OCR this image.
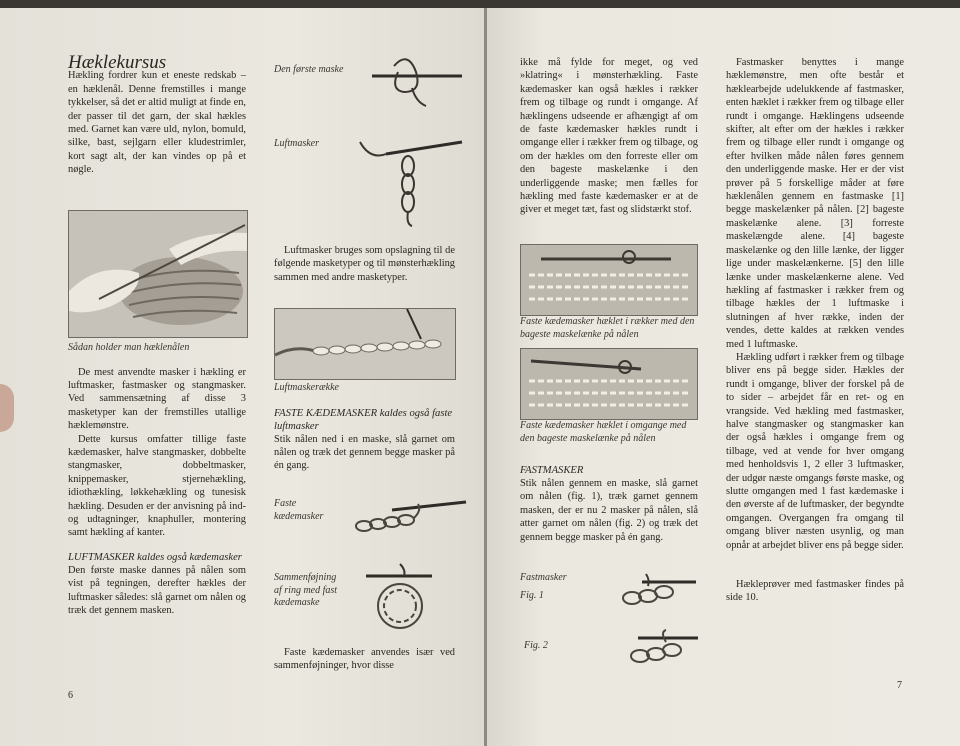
Hæklekursus

Hækling fordrer kun et eneste redskab – en hæklenål. Denne fremstilles i mange tykkelser, så det er altid muligt at finde en, der passer til det garn, der skal hækles med. Garnet kan være uld, nylon, bomuld, silke, bast, sejlgarn eller kludestrimler, kort sagt alt, der kan vindes op på et nøgle.

Sådan holder man hæklenålen

De mest anvendte masker i hækling er luftmasker, fastmasker og stangmasker. Ved sammensætning af disse 3 masketyper kan der fremstilles utallige hæklemønstre.

Dette kursus omfatter tillige faste kædemasker, halve stangmasker, dobbelte stangmasker, dobbeltmasker, knippemasker, stjernehækling, idiothækling, løkkehækling og tunesisk hækling. Desuden er der anvisning på ind- og udtagninger, knaphuller, montering samt hækling af kanter.

LUFTMASKER kaldes også kædemasker

Den første maske dannes på nålen som vist på tegningen, derefter hækles der luftmasker således: slå garnet om nålen og træk det gennem masken.

6
Den første maske
Luftmasker

Luftmasker bruges som opslagning til de følgende masketyper og til mønsterhækling sammen med andre masketyper.

Luftmaskerække

FASTE KÆDEMASKER kaldes også faste luftmasker

Stik nålen ned i en maske, slå garnet om nålen og træk det gennem begge masker på én gang.

Faste kædemasker
Sammenføjning af ring med fast kædemaske

Faste kædemasker anvendes især ved sammenføjninger, hvor disse

ikke må fylde for meget, og ved »klatring« i mønsterhækling. Faste kædemasker kan også hækles i rækker frem og tilbage og rundt i omgange. Af hæklingens udseende er afhængigt af om de faste kædemasker hækles rundt i omgange eller i rækker frem og tilbage, og om der hækles om den forreste eller om den bageste maskelænke i den underliggende maske; men fælles for hækling med faste kædemasker er at de giver et meget tæt, fast og slidstærkt stof.

Faste kædemasker hæklet i rækker med den bageste maskelænke på nålen
Faste kædemasker hæklet i omgange med den bageste maskelænke på nålen

FASTMASKER

Stik nålen gennem en maske, slå garnet om nålen (fig. 1), træk garnet gennem masken, der er nu 2 masker på nålen, slå atter garnet om nålen (fig. 2) og træk det gennem begge masker på én gang.

Fastmasker
Fig. 1
Fig. 2

Fastmasker benyttes i mange hæklemønstre, men ofte består et hæklearbejde udelukkende af fastmasker, enten hæklet i rækker frem og tilbage eller rundt i omgange. Hæklingens udseende skifter, alt efter om der hækles i rækker frem og tilbage eller rundt i omgange og efter hvilken måde nålen føres gennem den underliggende maske. Her er der vist prøver på 5 forskellige måder at føre hæklenålen gennem en fastmaske [1] begge maskelænker på nålen. [2] bageste maskelænke alene. [3] forreste maskelængde alene. [4] bageste maskelænke og den lille lænke, der ligger lige under maskelænkerne. [5] den lille lænke under maskelænkerne alene. Ved hækling af fastmasker i rækker frem og tilbage hækles der 1 luftmaske i slutningen af hver række, inden der vendes, dette kaldes at rækken vendes med 1 luftmaske.

Hækling udført i rækker frem og tilbage bliver ens på begge sider. Hækles der rundt i omgange, bliver der forskel på de to sider – arbejdet får en ret- og en vrangside. Ved hækling med fastmasker, halve stangmasker og stangmasker kan der også hækles i omgange frem og tilbage, ved at vende for hver omgang med henholdsvis 1, 2 eller 3 luftmasker, der udgør næste omgangs første maske, og slutte omgangen med 1 fast kædemaske i den øverste af de luftmasker, der begyndte omgangen. Overgangen fra omgang til omgang bliver næsten usynlig, og man opnår at arbejdet bliver ens på begge sider.

Hækleprøver med fastmasker findes på side 10.

7
